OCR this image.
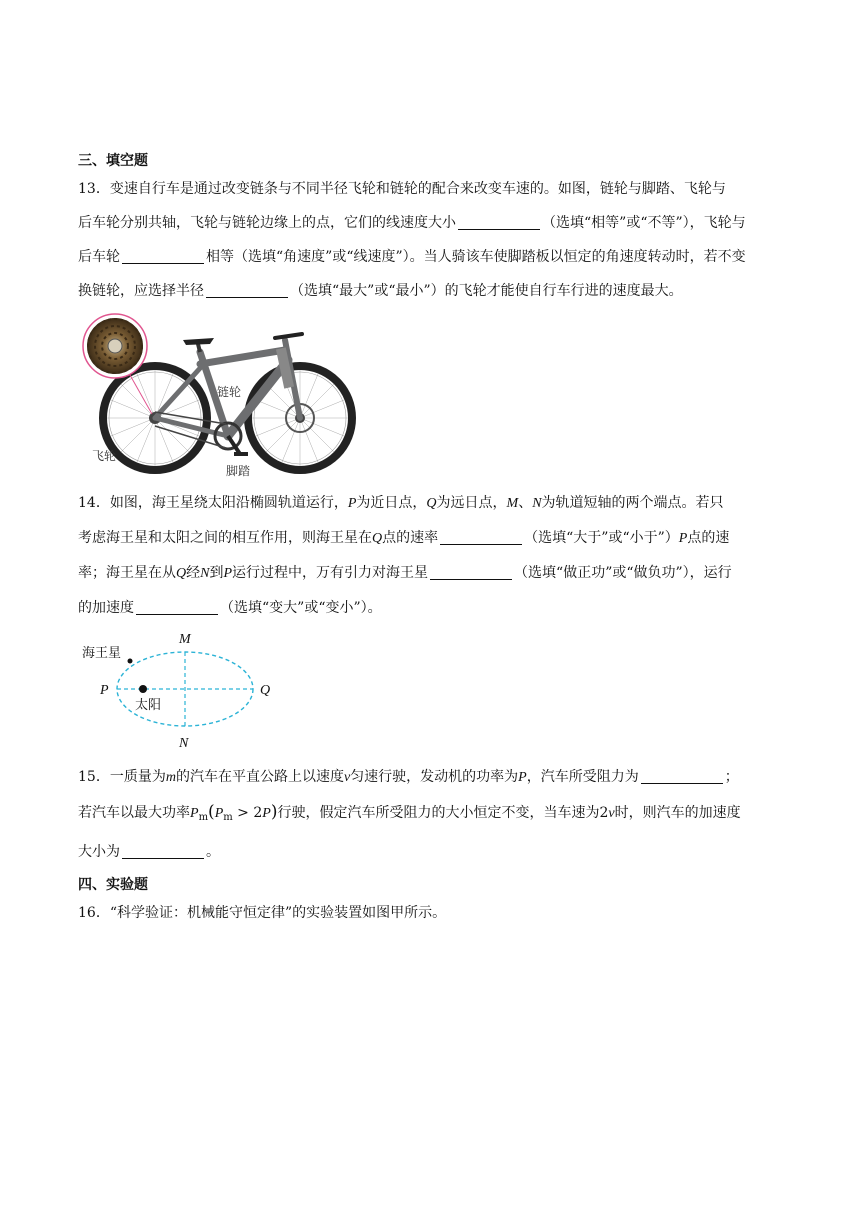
三、填空题
13．变速自行车是通过改变链条与不同半径飞轮和链轮的配合来改变车速的。如图，链轮与脚踏、飞轮与
后车轮分别共轴，飞轮与链轮边缘上的点，它们的线速度大小	（选填“相等”或“不等”），飞轮与
后车轮	相等（选填“角速度”或“线速度”）。当人骑该车使脚踏板以恒定的角速度转动时，若不变
换链轮，应选择半径	（选填“最大”或“最小”）的飞轮才能使自行车行进的速度最大。
链轮
飞轮
脚踏
14．如图，海王星绕太阳沿椭圆轨道运行，P为近日点，Q为远日点，M、N为轨道短轴的两个端点。若只
考虑海王星和太阳之间的相互作用，则海王星在Q点的速率	（选填“大于”或“小于”）P点的速
率；海王星在从Q经N到P运行过程中，万有引力对海王星	（选填“做正功”或“做负功”），运行
的加速度	（选填“变大”或“变小”）。
海王星
太阳
M
N
P	Q
15．一质量为m的汽车在平直公路上以速度v匀速行驶，发动机的功率为P，汽车所受阻力为	；
若汽车以最大功率$P_m(P_m > 2P)$行驶，假定汽车所受阻力的大小恒定不变，当车速为2v时，则汽车的加速度
大小为	。
四、实验题
16．“科学验证：机械能守恒定律”的实验装置如图甲所示。
